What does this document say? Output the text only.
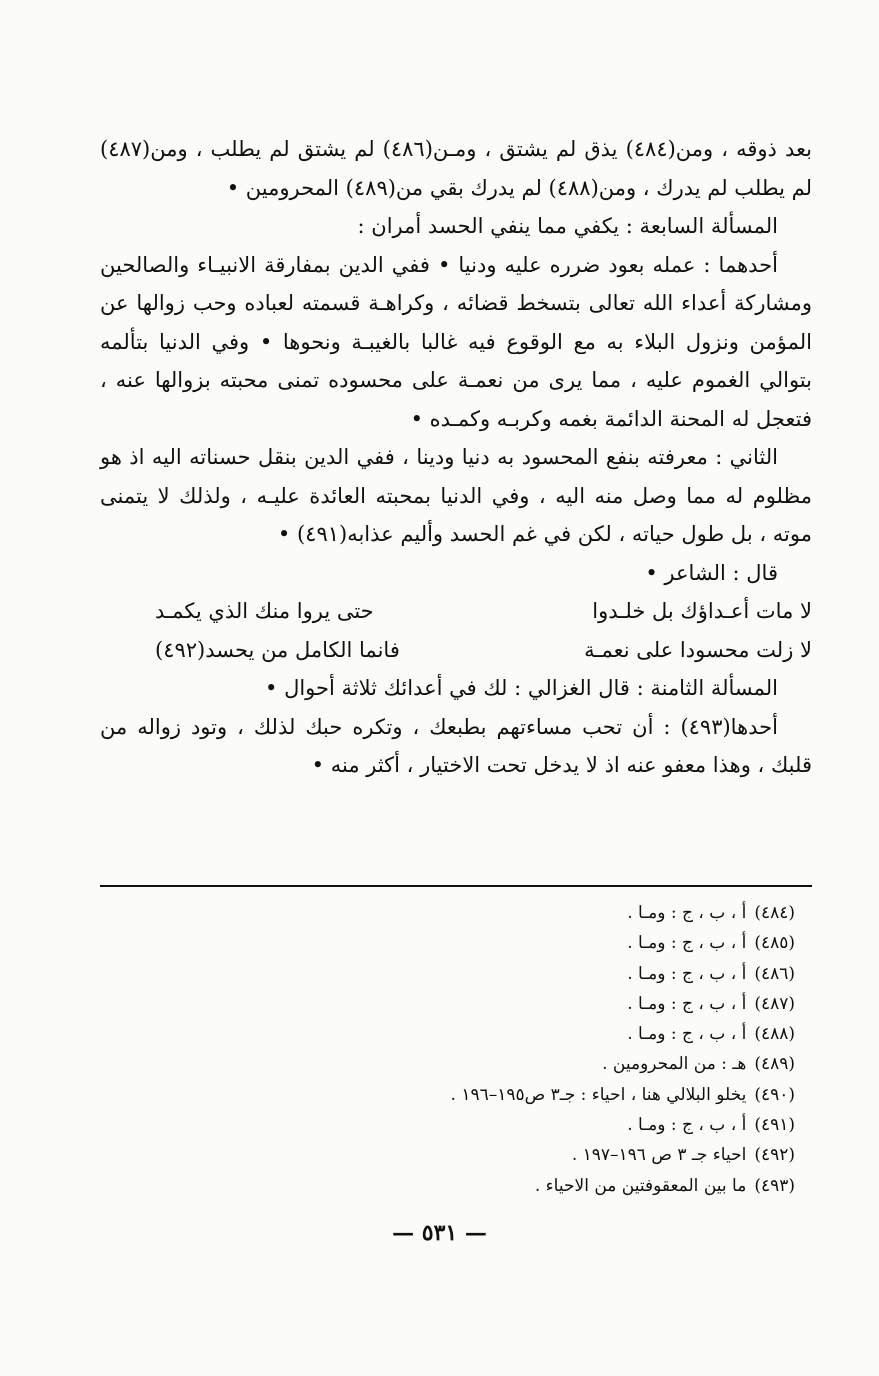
بعد ذوقه ، ومن(٤٨٤) يذق لم يشتق ، ومـن(٤٨٦) لم يشتق لم يطلب ، ومن(٤٨٧) لم يطلب لم يدرك ، ومن(٤٨٨) لم يدرك بقي من(٤٨٩) المحرومين •

المسألة السابعة : يكفي مما ينفي الحسد أمران :

أحدهما : عمله بعود ضرره عليه ودنيا • ففي الدين بمفارقة الانبيـاء والصالحين ومشاركة أعداء الله تعالى بتسخط قضائه ، وكراهـة قسمته لعباده وحب زوالها عن المؤمن ونزول البلاء به مع الوقوع فيه غالبا بالغيبـة ونحوها • وفي الدنيا بتألمه بتوالي الغموم عليه ، مما يرى من نعمـة على محسوده تمنى محبته بزوالها عنه ، فتعجل له المحنة الدائمة بغمه وكربـه وكمـده •

الثاني : معرفته بنفع المحسود به دنيا ودينا ، ففي الدين بنقل حسناته اليه اذ هو مظلوم له مما وصل منه اليه ، وفي الدنيا بمحبته العائدة عليـه ، ولذلك لا يتمنى موته ، بل طول حياته ، لكن في غم الحسد وأليم عذابه(٤٩١) •

قال : الشاعر •

لا مات أعـداؤك بل خلـدوا
حتى يروا منك الذي يكمـد
لا زلت محسودا على نعمـة
فانما الكامل من يحسد(٤٩٢)

المسألة الثامنة : قال الغزالي : لك في أعدائك ثلاثة أحوال •

أحدها(٤٩٣) : أن تحب مساءتهم بطبعك ، وتكره حبك لذلك ، وتود زواله من قلبك ، وهذا معفو عنه اذ لا يدخل تحت الاختيار ، أكثر منه •

(٤٨٤)أ ، ب ، ج : ومـا .
(٤٨٥)أ ، ب ، ج : ومـا .
(٤٨٦)أ ، ب ، ج : ومـا .
(٤٨٧)أ ، ب ، ج : ومـا .
(٤٨٨)أ ، ب ، ج : ومـا .
(٤٨٩)هـ : من المحرومين .
(٤٩٠)يخلو البلالي هنا ، احياء : جـ٣ ص١٩٥–١٩٦ .
(٤٩١)أ ، ب ، ج : ومـا .
(٤٩٢)احياء جـ ٣ ص ١٩٦–١٩٧ .
(٤٩٣)ما بين المعقوفتين من الاحياء .
— ٥٣١ —
